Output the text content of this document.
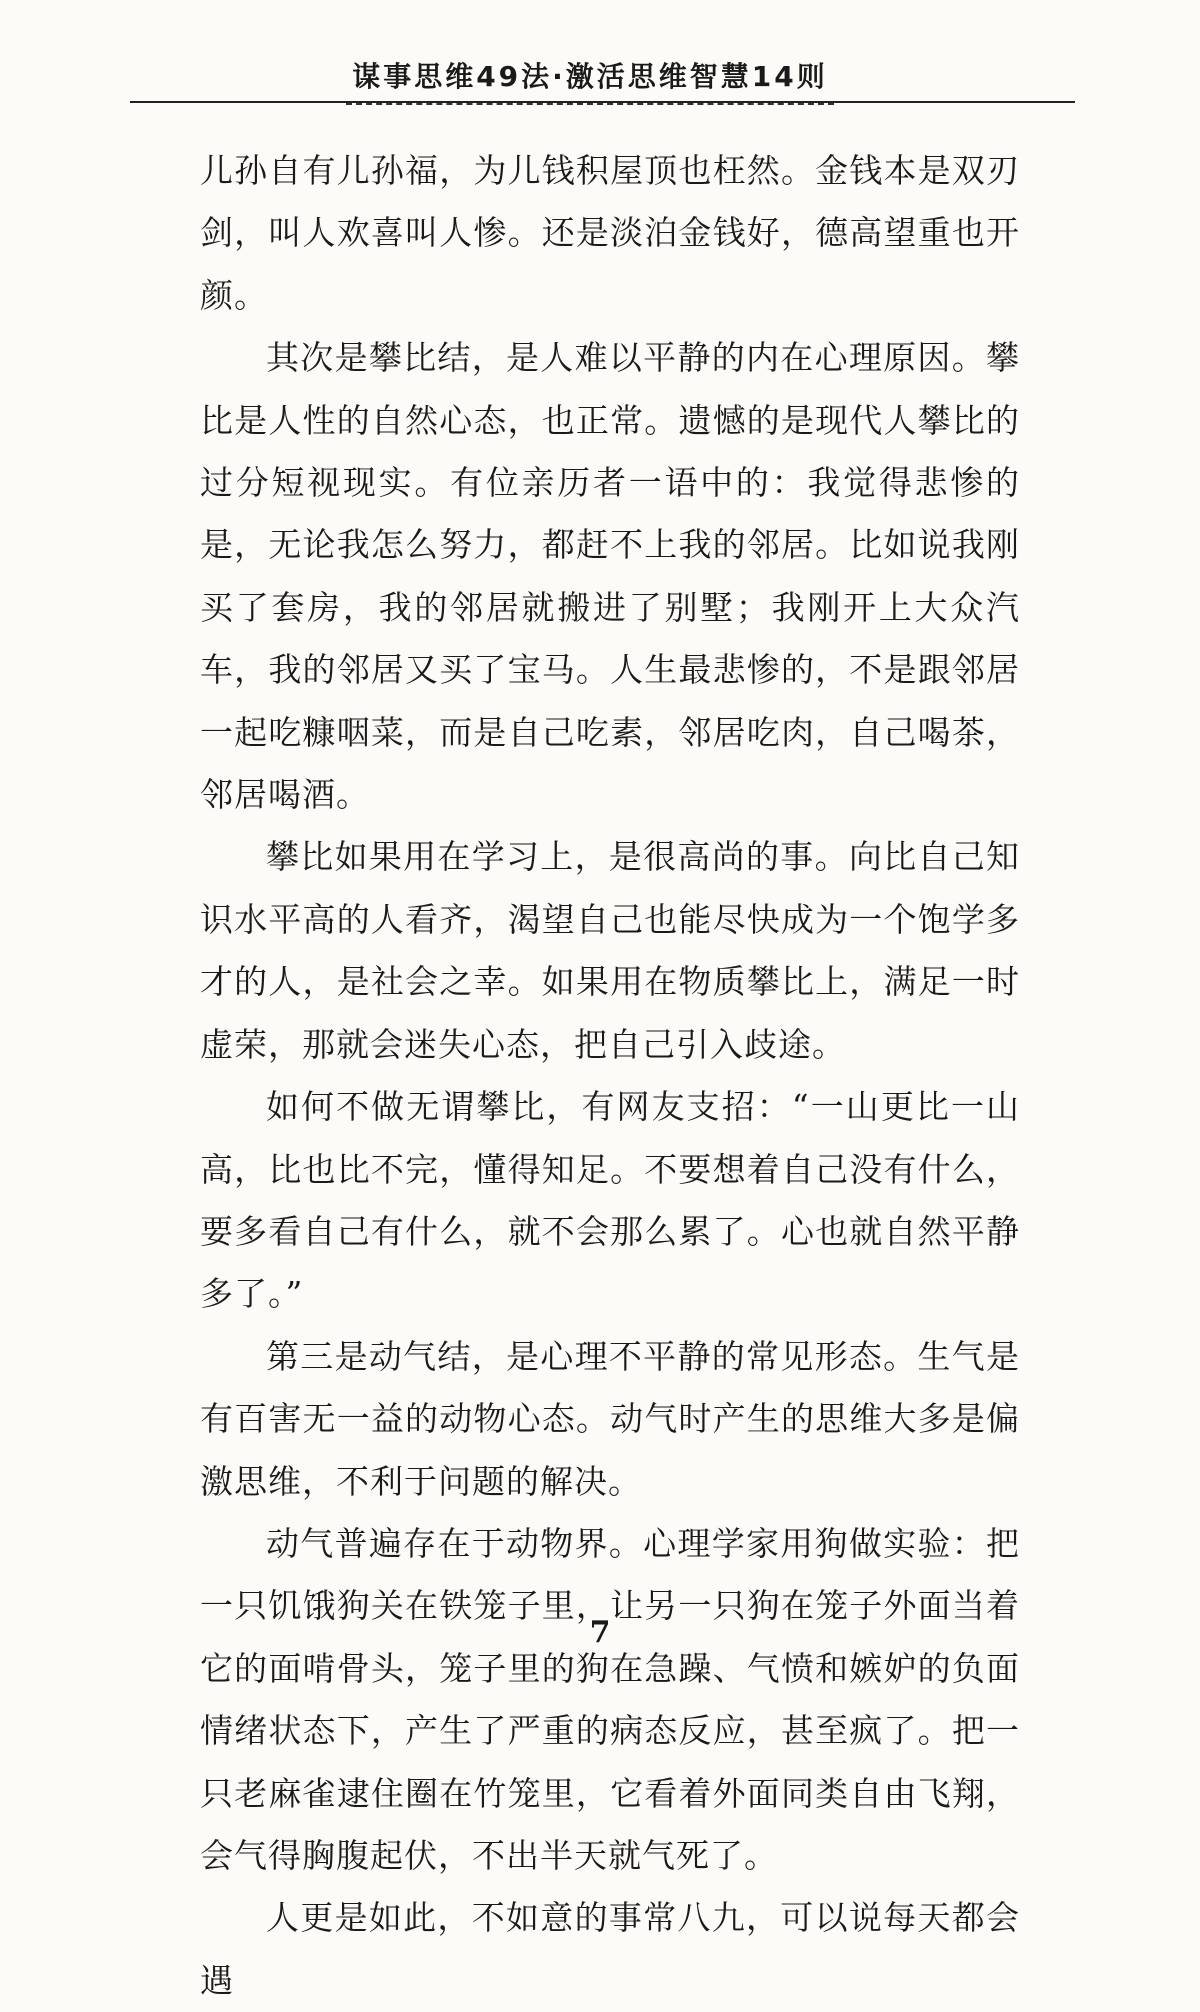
谋事思维49法·激活思维智慧14则

儿孙自有儿孙福，为儿钱积屋顶也枉然。金钱本是双刃剑，叫人欢喜叫人惨。还是淡泊金钱好，德高望重也开颜。

其次是攀比结，是人难以平静的内在心理原因。攀比是人性的自然心态，也正常。遗憾的是现代人攀比的过分短视现实。有位亲历者一语中的：我觉得悲惨的是，无论我怎么努力，都赶不上我的邻居。比如说我刚买了套房，我的邻居就搬进了别墅；我刚开上大众汽车，我的邻居又买了宝马。人生最悲惨的，不是跟邻居一起吃糠咽菜，而是自己吃素，邻居吃肉，自己喝茶，邻居喝酒。

攀比如果用在学习上，是很高尚的事。向比自己知识水平高的人看齐，渴望自己也能尽快成为一个饱学多才的人，是社会之幸。如果用在物质攀比上，满足一时虚荣，那就会迷失心态，把自己引入歧途。

如何不做无谓攀比，有网友支招：“一山更比一山高，比也比不完，懂得知足。不要想着自己没有什么，要多看自己有什么，就不会那么累了。心也就自然平静多了。”

第三是动气结，是心理不平静的常见形态。生气是有百害无一益的动物心态。动气时产生的思维大多是偏激思维，不利于问题的解决。

动气普遍存在于动物界。心理学家用狗做实验：把一只饥饿狗关在铁笼子里，让另一只狗在笼子外面当着它的面啃骨头，笼子里的狗在急躁、气愤和嫉妒的负面情绪状态下，产生了严重的病态反应，甚至疯了。把一只老麻雀逮住圈在竹笼里，它看着外面同类自由飞翔，会气得胸腹起伏，不出半天就气死了。

人更是如此，不如意的事常八九，可以说每天都会遇

7
